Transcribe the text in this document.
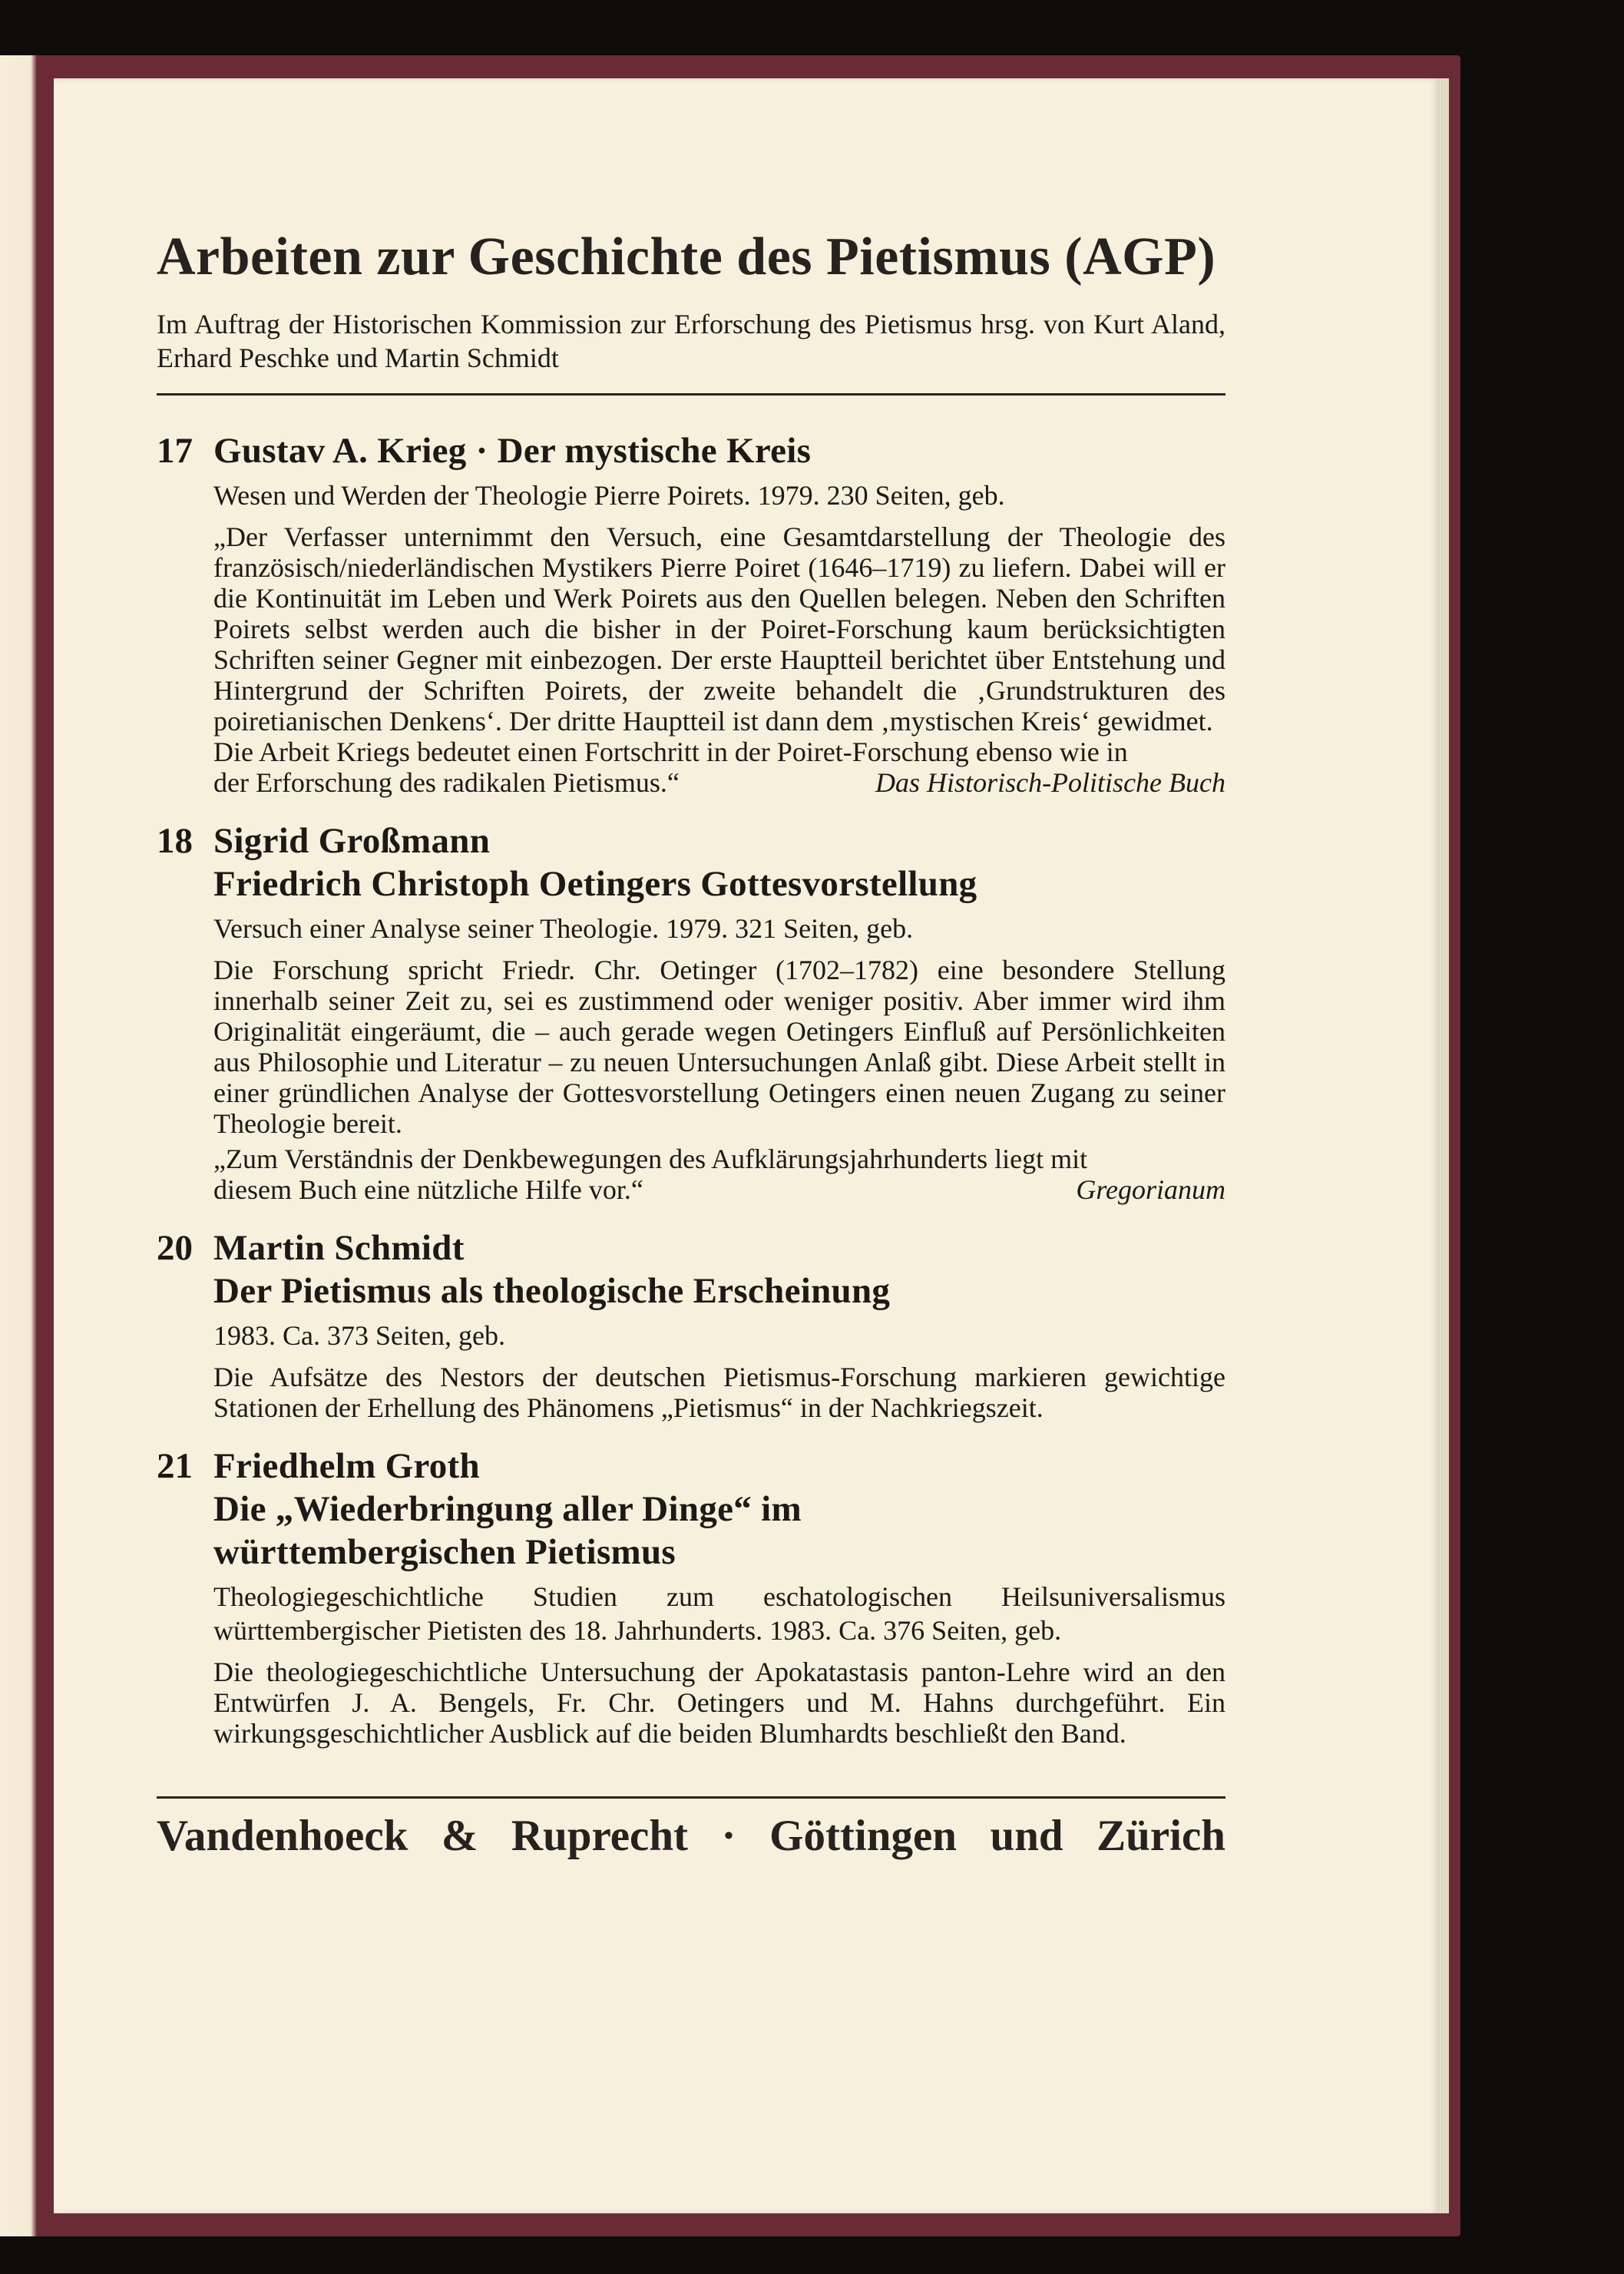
Arbeiten zur Geschichte des Pietismus (AGP)
Im Auftrag der Historischen Kommission zur Erforschung des Pietismus hrsg. von Kurt Aland, Erhard Peschke und Martin Schmidt
17 Gustav A. Krieg · Der mystische Kreis
Wesen und Werden der Theologie Pierre Poirets. 1979. 230 Seiten, geb.
„Der Verfasser unternimmt den Versuch, eine Gesamtdarstellung der Theologie des französisch/niederländischen Mystikers Pierre Poiret (1646–1719) zu liefern. Dabei will er die Kontinuität im Leben und Werk Poirets aus den Quellen belegen. Neben den Schriften Poirets selbst werden auch die bisher in der Poiret-Forschung kaum berücksichtigten Schriften seiner Gegner mit einbezogen. Der erste Hauptteil berichtet über Entstehung und Hintergrund der Schriften Poirets, der zweite behandelt die ‚Grundstrukturen des poiretianischen Denkens‘. Der dritte Hauptteil ist dann dem ‚mystischen Kreis‘ gewidmet.
Die Arbeit Kriegs bedeutet einen Fortschritt in der Poiret-Forschung ebenso wie in
der Erforschung des radikalen Pietismus.“	Das Historisch-Politische Buch
18 Sigrid Großmann
Friedrich Christoph Oetingers Gottesvorstellung
Versuch einer Analyse seiner Theologie. 1979. 321 Seiten, geb.
Die Forschung spricht Friedr. Chr. Oetinger (1702–1782) eine besondere Stellung innerhalb seiner Zeit zu, sei es zustimmend oder weniger positiv. Aber immer wird ihm Originalität eingeräumt, die – auch gerade wegen Oetingers Einfluß auf Persönlichkeiten aus Philosophie und Literatur – zu neuen Untersuchungen Anlaß gibt. Diese Arbeit stellt in einer gründlichen Analyse der Gottesvorstellung Oetingers einen neuen Zugang zu seiner Theologie bereit.
„Zum Verständnis der Denkbewegungen des Aufklärungsjahrhunderts liegt mit
diesem Buch eine nützliche Hilfe vor.“	Gregorianum
20 Martin Schmidt
Der Pietismus als theologische Erscheinung
1983. Ca. 373 Seiten, geb.
Die Aufsätze des Nestors der deutschen Pietismus-Forschung markieren gewichtige Stationen der Erhellung des Phänomens „Pietismus“ in der Nachkriegszeit.
21 Friedhelm Groth
Die „Wiederbringung aller Dinge“ im
württembergischen Pietismus
Theologiegeschichtliche Studien zum eschatologischen Heilsuniversalismus württembergischer Pietisten des 18. Jahrhunderts. 1983. Ca. 376 Seiten, geb.
Die theologiegeschichtliche Untersuchung der Apokatastasis panton-Lehre wird an den Entwürfen J. A. Bengels, Fr. Chr. Oetingers und M. Hahns durchgeführt. Ein wirkungsgeschichtlicher Ausblick auf die beiden Blumhardts beschließt den Band.
Vandenhoeck & Ruprecht · Göttingen und Zürich
